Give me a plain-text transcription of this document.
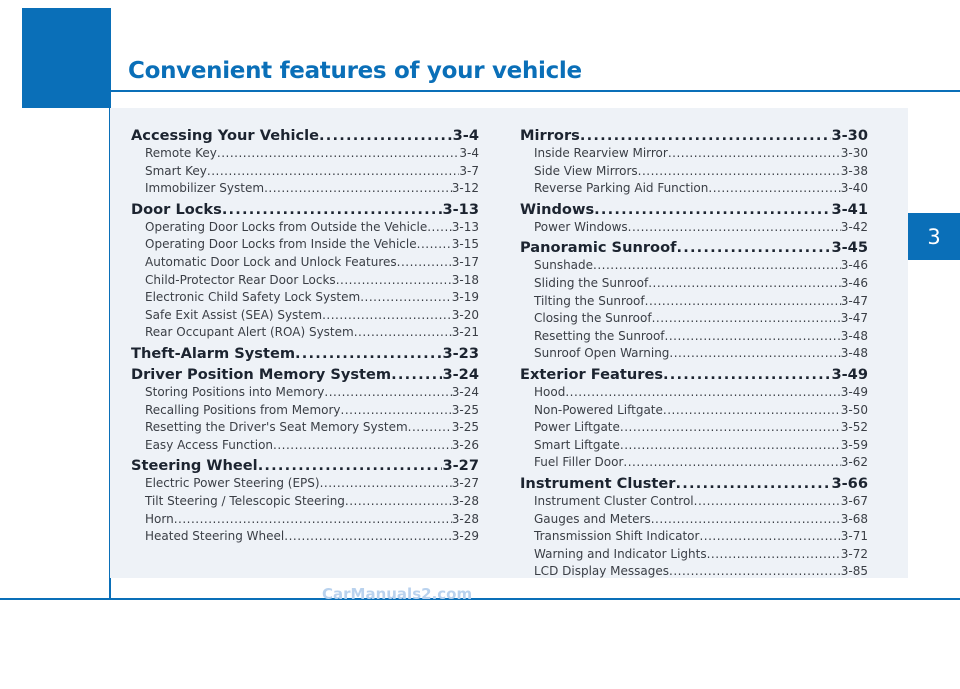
Convenient features of your vehicle
3
Accessing Your Vehicle .....	3-4
Remote Key .....	3-4
Smart Key .....	3-7
Immobilizer System .....	3-12
Door Locks .....	3-13
Operating Door Locks from Outside the Vehicle ..... 3-13
Operating Door Locks from Inside the Vehicle .....	3-15
Automatic Door Lock and Unlock Features .....	3-17
Child-Protector Rear Door Locks .....	3-18
Electronic Child Safety Lock System .....	3-19
Safe Exit Assist (SEA) System .....	3-20
Rear Occupant Alert (ROA) System .....	3-21
Theft-Alarm System .....	3-23
Driver Position Memory System .....	3-24
Storing Positions into Memory .....	3-24
Recalling Positions from Memory .....	3-25
Resetting the Driver's Seat Memory System .....	3-25
Easy Access Function .....	3-26
Steering Wheel .....	3-27
Electric Power Steering (EPS) .....	3-27
Tilt Steering / Telescopic Steering .....	3-28
Horn .....	3-28
Heated Steering Wheel .....	3-29
Mirrors .....	3-30
Inside Rearview Mirror .....	3-30
Side View Mirrors .....	3-38
Reverse Parking Aid Function .....	3-40
Windows .....	3-41
Power Windows .....	3-42
Panoramic Sunroof .....	3-45
Sunshade .....	3-46
Sliding the Sunroof .....	3-46
Tilting the Sunroof .....	3-47
Closing the Sunroof .....	3-47
Resetting the Sunroof .....	3-48
Sunroof Open Warning .....	3-48
Exterior Features .....	3-49
Hood .....	3-49
Non-Powered Liftgate .....	3-50
Power Liftgate .....	3-52
Smart Liftgate .....	3-59
Fuel Filler Door .....	3-62
Instrument Cluster .....	3-66
Instrument Cluster Control .....	3-67
Gauges and Meters .....	3-68
Transmission Shift Indicator .....	3-71
Warning and Indicator Lights .....	3-72
LCD Display Messages .....	3-85

CarManuals2.com
